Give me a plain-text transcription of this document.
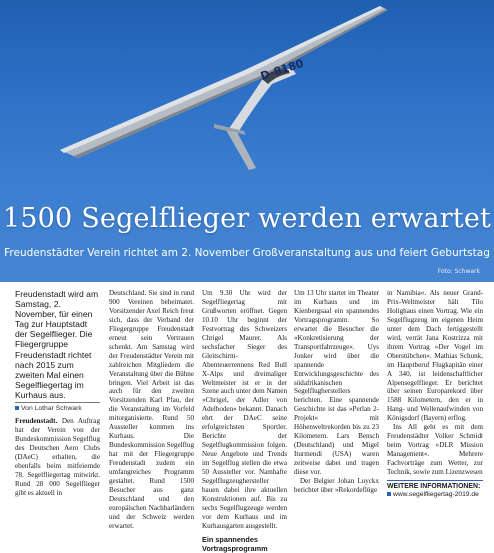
D-8180
1500 Segelflieger werden erwartet
Freudenstädter Verein richtet am 2. November Großveranstaltung aus und feiert Geburtstag
Foto: Schwark

Freudenstadt wird am Samstag, 2. November, für einen Tag zur Hauptstadt der Segelflieger. Die Fliegergruppe Freudenstadt richtet nach 2015 zum zweiten Mal einen Segelfliegertag im Kurhaus aus.

Von Lothar Schwark

Freudenstadt. Den Auftrag hat der Verein von der Bundeskommission Segelflug des Deutschen Aero Clubs (DAeC) erhalten, die ebenfalls beim mitfeiernde 78. Segelfliegertag mitwirkt. Rund 28 000 Segelflieger gibt es aktuell in

Deutschland. Sie sind in rund 900 Vereinen beheimatet. Vorsitzender Axel Reich freut sich, dass der Verband der Fliegergruppe Freudenstadt erneut sein Vertrauen schenkt. Am Samstag wird der Freudenstädter Verein mit zahlreichen Mitgliedern die Veranstaltung über die Bühne bringen. Viel Arbeit ist das auch für den zweiten Vorsitzenden Karl Pfau, der die Veranstaltung im Vorfeld mitorganisierte. Rund 50 Aussteller kommen ins Kurhaus. Die Bundeskommission Segelflug hat mit der Fliegergruppe Freudenstadt zudem ein umfangreiches Programm gestaltet. Rund 1500 Besucher aus ganz Deutschland und den europäischen Nachbarländern und der Schweiz werden erwartet.

Um 9.30 Uhr wird der Segelfliegertag mit Grußworten eröffnet. Gegen 10.10 Uhr beginnt der Festvortrag des Schweizers Chrigel Maurer. Als sechsfacher Sieger des Gleitschirm-Abenteuerrennens Red Bull X-Alps und dreimaliger Weltmeister ist er in der Szene auch unter dem Namen »Chrigel, der Adler von Adelboden« bekannt. Danach ehrt der DAeC seine erfolgreichsten Sportler. Berichte der Segelflugkommission folgen. Neue Angebote und Trends im Segelflug stellen die etwa 50 Aussteller vor. Namhafte Segelflugzeughersteller bauen dabei ihre aktuellen Konstruktionen auf. Bis zu sechs Segelflugzeuge werden vor dem Kurhaus und im Kurhausgarten ausgestellt.

Ein spannendes Vortragsprogramm

Um 13 Uhr startet im Theater im Kurhaus und im Kienbergsaal ein spannendes Vortragsprogramm. So erwartet die Besucher die »Konkretisierung der Transportfahrzeuge«. Uys Jonker wird über die spannende Entwicklungsgeschichte des südafrikanischen Segelflugherstellers berichten. Eine spannende Geschichte ist das »Perlan 2-Projekt« mit Höhenweltrekorden bis zu 23 Kilometern. Lars Bensch (Deutschland) und Migel Iturmendi (USA) waren zeitweise dabei und tragen diese vor.

Der Belgier Johan Luyckx berichtet über »Rekordeflüge

in Namibia«. Als neuer Grand-Prix-Weltmeister hält Tilo Holighaus einen Vortrag. Wie ein Segelflugzeug im eigenen Heim unter dem Dach fertiggestellt wird, verrät Jana Kostrizza mit ihrem Vortrag »Der Vogel im Oberstübchen«. Mathias Schunk, im Hauptberuf Flugkapitän einer A 340, ist leidenschaftlicher Alpensegelflieger. Er berichtet über seinen Europarekord über 1588 Kilometern, den er in Hang- und Wellenaufwinden von Königsdorf (Bayern) erflog.
Ins All geht es mit dem Freudenstädter Volker Schmidt beim Vortrag »DLR Mission Management«. Mehrere Fachvorträge zum Wetter, zur Technik, sowie zum Lizenzwesen

WEITERE INFORMATIONEN:
www.segelfliegertag-2019.de
